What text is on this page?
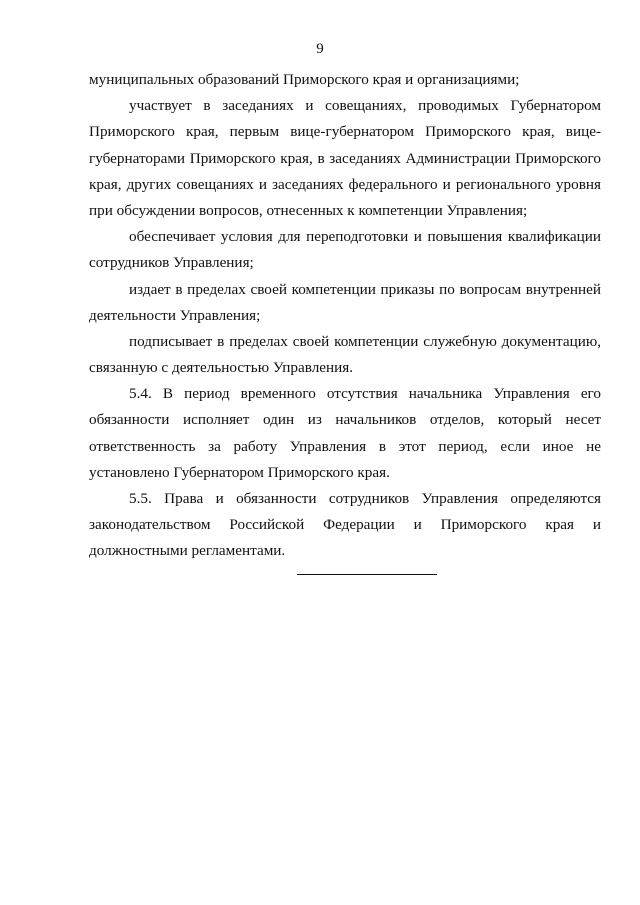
9
муниципальных образований Приморского края и организациями;
участвует в заседаниях и совещаниях, проводимых Губернатором
Приморского края, первым вице-губернатором Приморского края, вице-
губернаторами Приморского края, в заседаниях Администрации Приморского
края, других совещаниях и заседаниях федерального и регионального уровня
при обсуждении вопросов, отнесенных к компетенции Управления;
обеспечивает условия для переподготовки и повышения квалификации
сотрудников Управления;
издает в пределах своей компетенции приказы по вопросам внутренней
деятельности Управления;
подписывает в пределах своей компетенции служебную документацию,
связанную с деятельностью Управления.
5.4. В период временного отсутствия начальника Управления его
обязанности исполняет один из начальников отделов, который несет
ответственность за работу Управления в этот период, если иное не
установлено Губернатором Приморского края.
5.5. Права и обязанности сотрудников Управления определяются
законодательством Российской Федерации и Приморского края и
должностными регламентами.
